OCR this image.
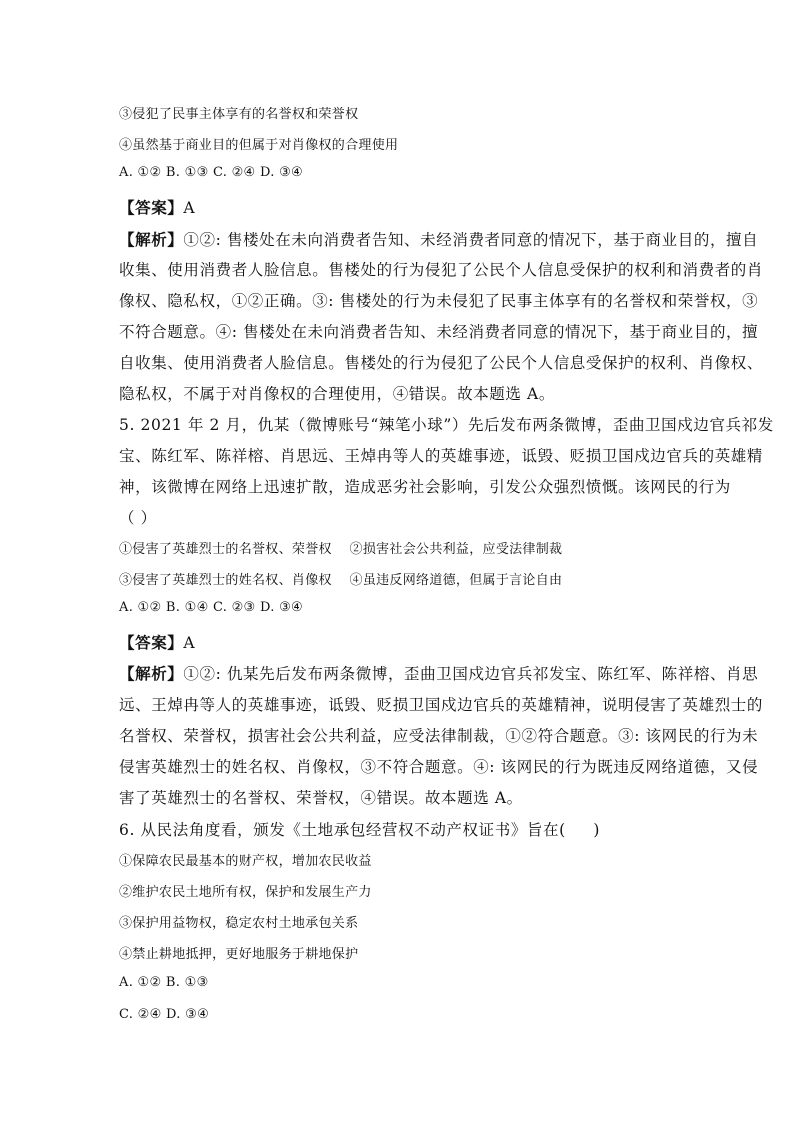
③侵犯了民事主体享有的名誉权和荣誉权
④虽然基于商业目的但属于对肖像权的合理使用
A. ①② B. ①③ C. ②④ D. ③④
【答案】A
【解析】①②: 售楼处在未向消费者告知、未经消费者同意的情况下，基于商业目的，擅自
收集、使用消费者人脸信息。售楼处的行为侵犯了公民个人信息受保护的权利和消费者的肖
像权、隐私权，①②正确。③: 售楼处的行为未侵犯了民事主体享有的名誉权和荣誉权，③
不符合题意。④: 售楼处在未向消费者告知、未经消费者同意的情况下，基于商业目的，擅
自收集、使用消费者人脸信息。售楼处的行为侵犯了公民个人信息受保护的权利、肖像权、
隐私权，不属于对肖像权的合理使用，④错误。故本题选 A。
5. 2021 年 2 月，仇某（微博账号“辣笔小球”）先后发布两条微博，歪曲卫国戍边官兵祁发
宝、陈红军、陈祥榕、肖思远、王焯冉等人的英雄事迹，诋毁、贬损卫国戍边官兵的英雄精
神，该微博在网络上迅速扩散，造成恶劣社会影响，引发公众强烈愤慨。该网民的行为
（ ）
①侵害了英雄烈士的名誉权、荣誉权    ②损害社会公共利益，应受法律制裁
③侵害了英雄烈士的姓名权、肖像权    ④虽违反网络道德，但属于言论自由
A. ①② B. ①④ C. ②③ D. ③④
【答案】A
【解析】①②: 仇某先后发布两条微博，歪曲卫国戍边官兵祁发宝、陈红军、陈祥榕、肖思
远、王焯冉等人的英雄事迹，诋毁、贬损卫国戍边官兵的英雄精神，说明侵害了英雄烈士的
名誉权、荣誉权，损害社会公共利益，应受法律制裁，①②符合题意。③: 该网民的行为未
侵害英雄烈士的姓名权、肖像权，③不符合题意。④: 该网民的行为既违反网络道德，又侵
害了英雄烈士的名誉权、荣誉权，④错误。故本题选 A。
6. 从民法角度看，颁发《土地承包经营权不动产权证书》旨在(     )
①保障农民最基本的财产权，增加农民收益
②维护农民土地所有权，保护和发展生产力
③保护用益物权，稳定农村土地承包关系
④禁止耕地抵押，更好地服务于耕地保护
A. ①② B. ①③
C. ②④ D. ③④
